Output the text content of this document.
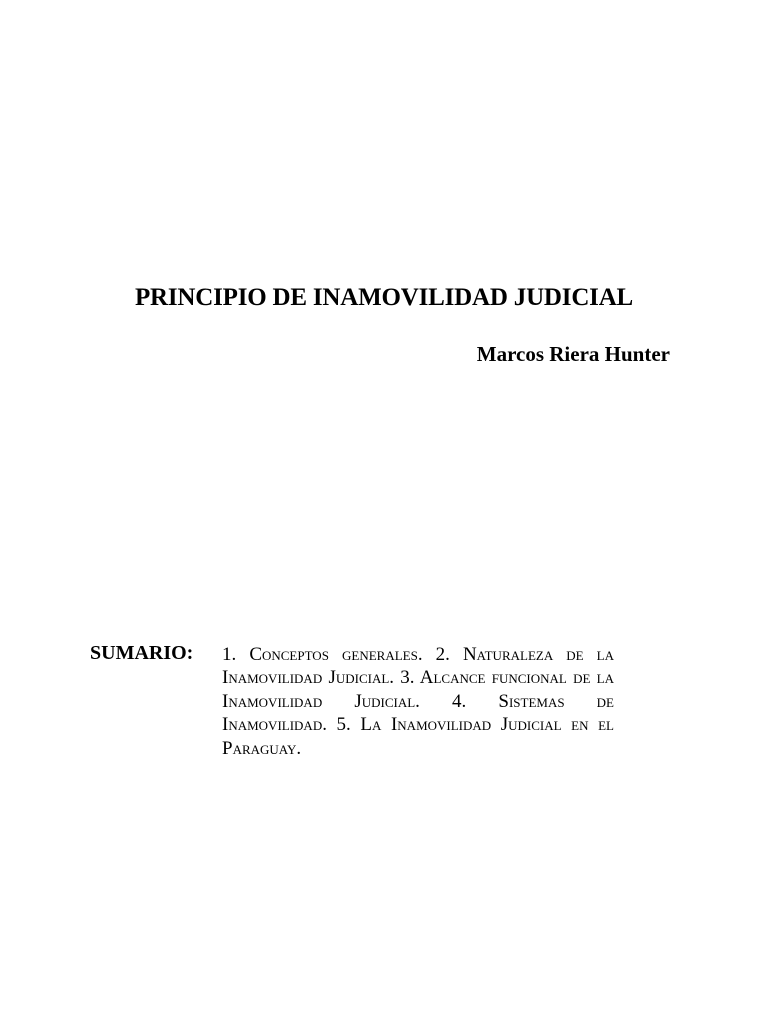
PRINCIPIO DE INAMOVILIDAD JUDICIAL

Marcos Riera Hunter

SUMARIO: 1. Conceptos generales. 2. Naturaleza de la Inamovilidad Judicial. 3. Alcance funcional de la Inamovilidad Judicial. 4. Sistemas de Inamovilidad. 5. La Inamovilidad Judicial en el Paraguay.
